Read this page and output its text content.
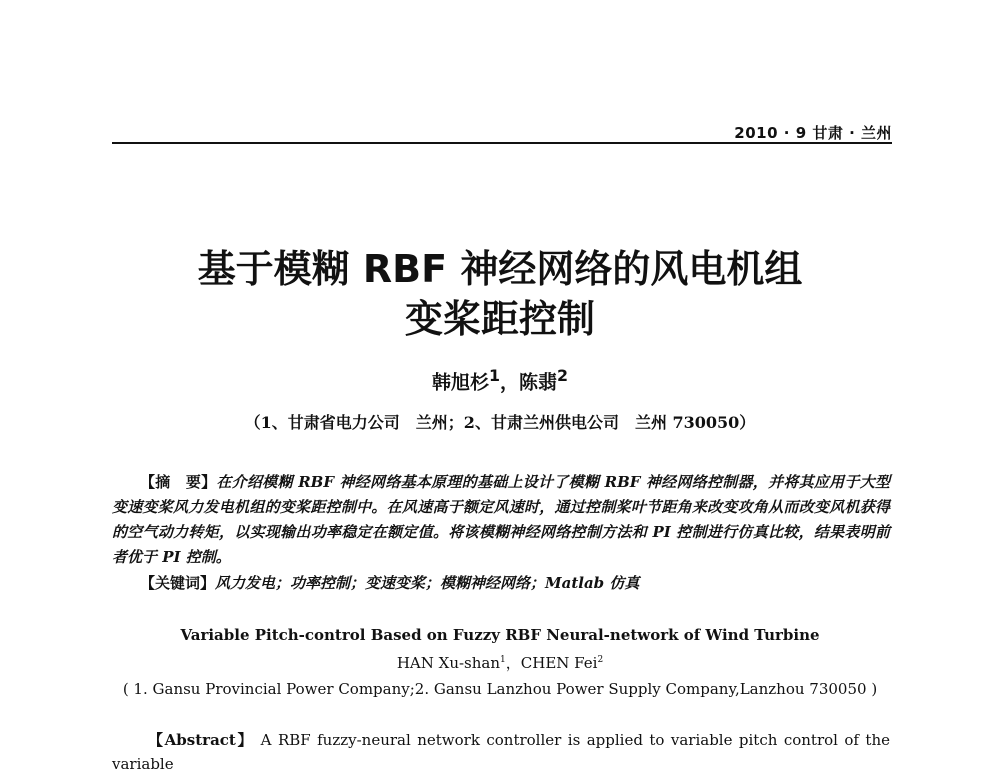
2010 · 9 甘肃 · 兰州
基于模糊 RBF 神经网络的风电机组
变桨距控制
韩旭杉$^1$，陈翡$^2$
（1、甘肃省电力公司　兰州；2、甘肃兰州供电公司　兰州 730050）
【摘　要】在介绍模糊 RBF 神经网络基本原理的基础上设计了模糊 RBF 神经网络控制器，并将其应用于大型变速变桨风力发电机组的变桨距控制中。在风速高于额定风速时，通过控制桨叶节距角来改变攻角从而改变风机获得的空气动力转矩，以实现输出功率稳定在额定值。将该模糊神经网络控制方法和 PI 控制进行仿真比较，结果表明前者优于 PI 控制。
【关键词】风力发电；功率控制；变速变桨；模糊神经网络；Matlab 仿真
Variable Pitch-control Based on Fuzzy RBF Neural-network of Wind Turbine
HAN Xu-shan$^1$，CHEN Fei$^2$
( 1. Gansu Provincial Power Company;2. Gansu Lanzhou Power Supply Company,Lanzhou 730050 )
【Abstract】 A RBF fuzzy-neural network controller is applied to variable pitch control of the variable
